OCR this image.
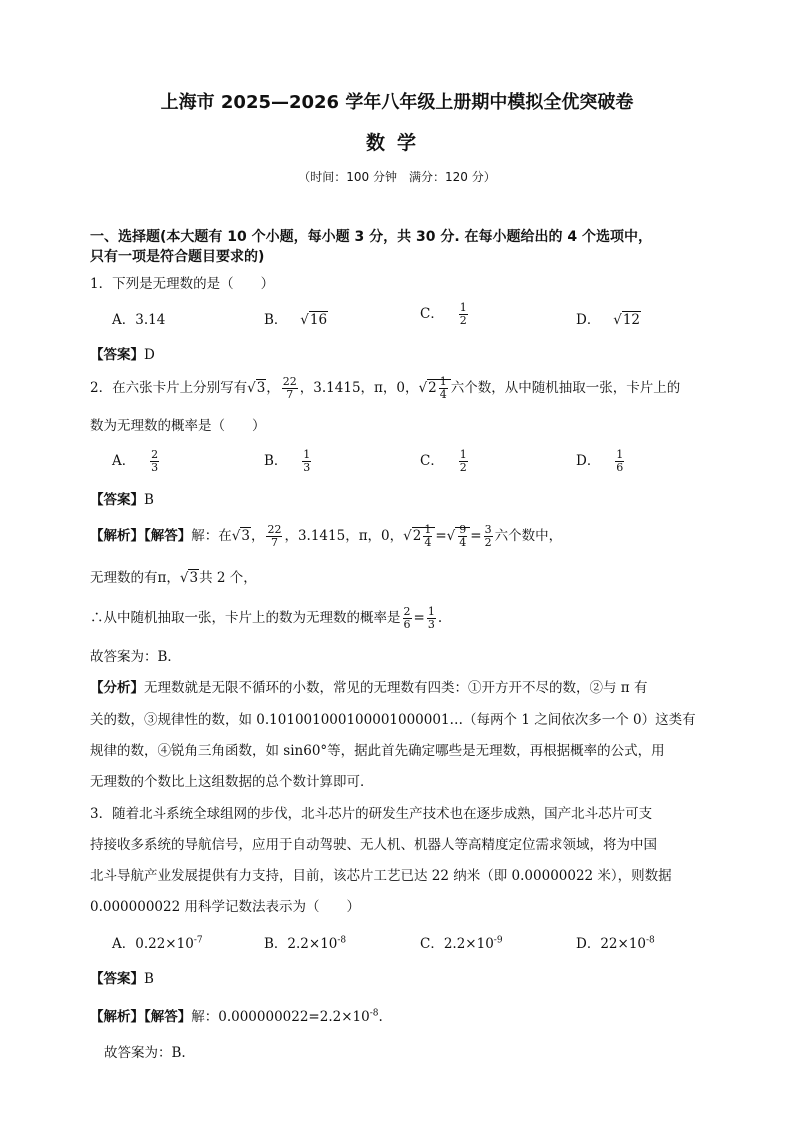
上海市 2025—2026 学年八年级上册期中模拟全优突破卷
数学
（时间：100 分钟　满分：120 分）
一、选择题(本大题有 10 个小题，每小题 3 分，共 30 分. 在每小题给出的 4 个选项中，
只有一项是符合题目要求的)
1．下列是无理数的是（　　）
A．3.14	B．   √16	C． $\frac{1}{2}$	D．   √12
【答案】D
2．在六张卡片上分别写有√3， $\frac{22}{7}$ ，3.1415，π，0，$√2 \frac{1}{4}$ 六个数，从中随机抽取一张，卡片上的
数为无理数的概率是（　　）
A． $\frac{2}{3}$	B． $\frac{1}{3}$	C． $\frac{1}{2}$	D． $\frac{1}{6}$
【答案】B
【解析】【解答】解：在√3， $\frac{22}{7}$ ，3.1415，π，0，$√2 \frac{1}{4}$ =√ $\frac{9}{4} = \frac{3}{2}$ 六个数中，
无理数的有π，√3共 2 个，
∴从中随机抽取一张，卡片上的数为无理数的概率是 $\frac{2}{6} = \frac{1}{3}$ .
故答案为：B．
【分析】无理数就是无限不循环的小数，常见的无理数有四类：①开方开不尽的数，②与 π 有
关的数，③规律性的数，如 0.101001000100001000001…（每两个 1 之间依次多一个 0）这类有
规律的数，④锐角三角函数，如 sin60°等，据此首先确定哪些是无理数，再根据概率的公式，用
无理数的个数比上这组数据的总个数计算即可．
3．随着北斗系统全球组网的步伐，北斗芯片的研发生产技术也在逐步成熟，国产北斗芯片可支
持接收多系统的导航信号，应用于自动驾驶、无人机、机器人等高精度定位需求领域，将为中国
北斗导航产业发展提供有力支持，目前，该芯片工艺已达 22 纳米（即 0.00000022 米），则数据
0.000000022 用科学记数法表示为（　　）
A．$0.22\times 10^{-7}$	B．$2.2\times 10^{-8}$	C．$2.2\times 10^{-9}$	D．$22\times 10^{-8}$
【答案】B
【解析】【解答】解：$0.000000022=2.2\times 10^{-8}$.
故答案为：B.
